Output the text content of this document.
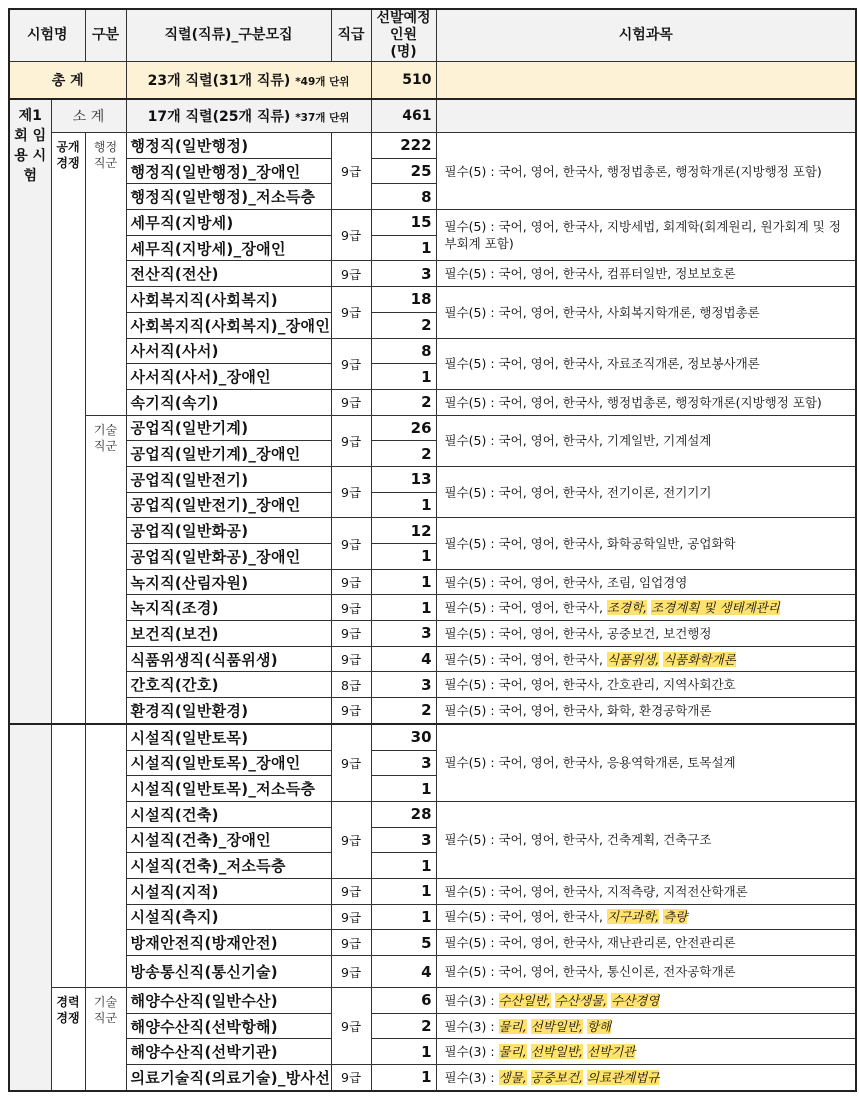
시험명		구분	직렬(직류)_구분모집	직급	선발예정 인원 (명)	시험과목
총 계			23개 직렬(31개 직류) *49개 단위		510	
제1회 임용 시험	소 계		17개 직렬(25개 직류) *37개 단위		461	
	공개 경쟁	행정 직군	행정직(일반행정)	9급	222	필수(5) : 국어, 영어, 한국사, 행정법총론, 행정학개론(지방행정 포함)
			행정직(일반행정)_장애인		25	
			행정직(일반행정)_저소득층		8	
			세무직(지방세)	9급	15	필수(5) : 국어, 영어, 한국사, 지방세법, 회계학(회계원리, 원가회계 및 정부회계 포함)
			세무직(지방세)_장애인		1	
			전산직(전산)	9급	3	필수(5) : 국어, 영어, 한국사, 컴퓨터일반, 정보보호론
			사회복지직(사회복지)	9급	18	필수(5) : 국어, 영어, 한국사, 사회복지학개론, 행정법총론
			사회복지직(사회복지)_장애인		2	
			사서직(사서)	9급	8	필수(5) : 국어, 영어, 한국사, 자료조직개론, 정보봉사개론
			사서직(사서)_장애인		1	
			속기직(속기)	9급	2	필수(5) : 국어, 영어, 한국사, 행정법총론, 행정학개론(지방행정 포함)
		기술 직군	공업직(일반기계)	9급	26	필수(5) : 국어, 영어, 한국사, 기계일반, 기계설계
			공업직(일반기계)_장애인		2	
			공업직(일반전기)	9급	13	필수(5) : 국어, 영어, 한국사, 전기이론, 전기기기
			공업직(일반전기)_장애인		1	
			공업직(일반화공)	9급	12	필수(5) : 국어, 영어, 한국사, 화학공학일반, 공업화학
			공업직(일반화공)_장애인		1	
			녹지직(산림자원)	9급	1	필수(5) : 국어, 영어, 한국사, 조림, 임업경영
			녹지직(조경)	9급	1	필수(5) : 국어, 영어, 한국사, 조경학, 조경계획 및 생태계관리
			보건직(보건)	9급	3	필수(5) : 국어, 영어, 한국사, 공중보건, 보건행정
			식품위생직(식품위생)	9급	4	필수(5) : 국어, 영어, 한국사, 식품위생, 식품화학개론
			간호직(간호)	8급	3	필수(5) : 국어, 영어, 한국사, 간호관리, 지역사회간호
			환경직(일반환경)	9급	2	필수(5) : 국어, 영어, 한국사, 화학, 환경공학개론
			시설직(일반토목)	9급	30	필수(5) : 국어, 영어, 한국사, 응용역학개론, 토목설계
			시설직(일반토목)_장애인		3	
			시설직(일반토목)_저소득층		1	
			시설직(건축)	9급	28	필수(5) : 국어, 영어, 한국사, 건축계획, 건축구조
			시설직(건축)_장애인		3	
			시설직(건축)_저소득층		1	
			시설직(지적)	9급	1	필수(5) : 국어, 영어, 한국사, 지적측량, 지적전산학개론
			시설직(측지)	9급	1	필수(5) : 국어, 영어, 한국사, 지구과학, 측량
			방재안전직(방재안전)	9급	5	필수(5) : 국어, 영어, 한국사, 재난관리론, 안전관리론
			방송통신직(통신기술)	9급	4	필수(5) : 국어, 영어, 한국사, 통신이론, 전자공학개론
	경력 경쟁	기술 직군	해양수산직(일반수산)	9급	6	필수(3) : 수산일반, 수산생물, 수산경영
			해양수산직(선박항해)		2	필수(3) : 물리, 선박일반, 항해
			해양수산직(선박기관)		1	필수(3) : 물리, 선박일반, 선박기관
			의료기술직(의료기술)_방사선	9급	1	필수(3) : 생물, 공중보건, 의료관계법규
